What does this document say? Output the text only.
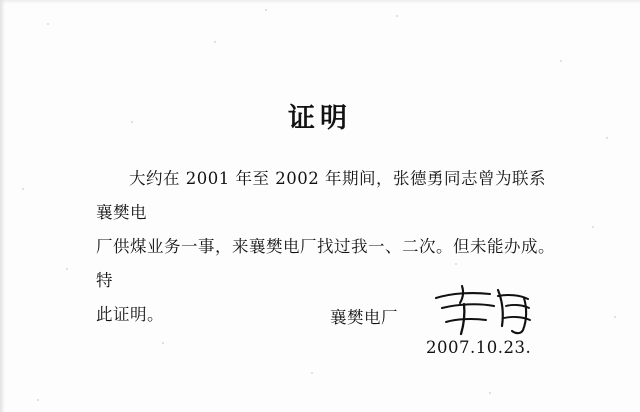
证明

大约在 2001 年至 2002 年期间，张德勇同志曾为联系襄樊电

厂供煤业务一事，来襄樊电厂找过我一、二次。但未能办成。特

此证明。	襄樊电厂
2007.10.23.
